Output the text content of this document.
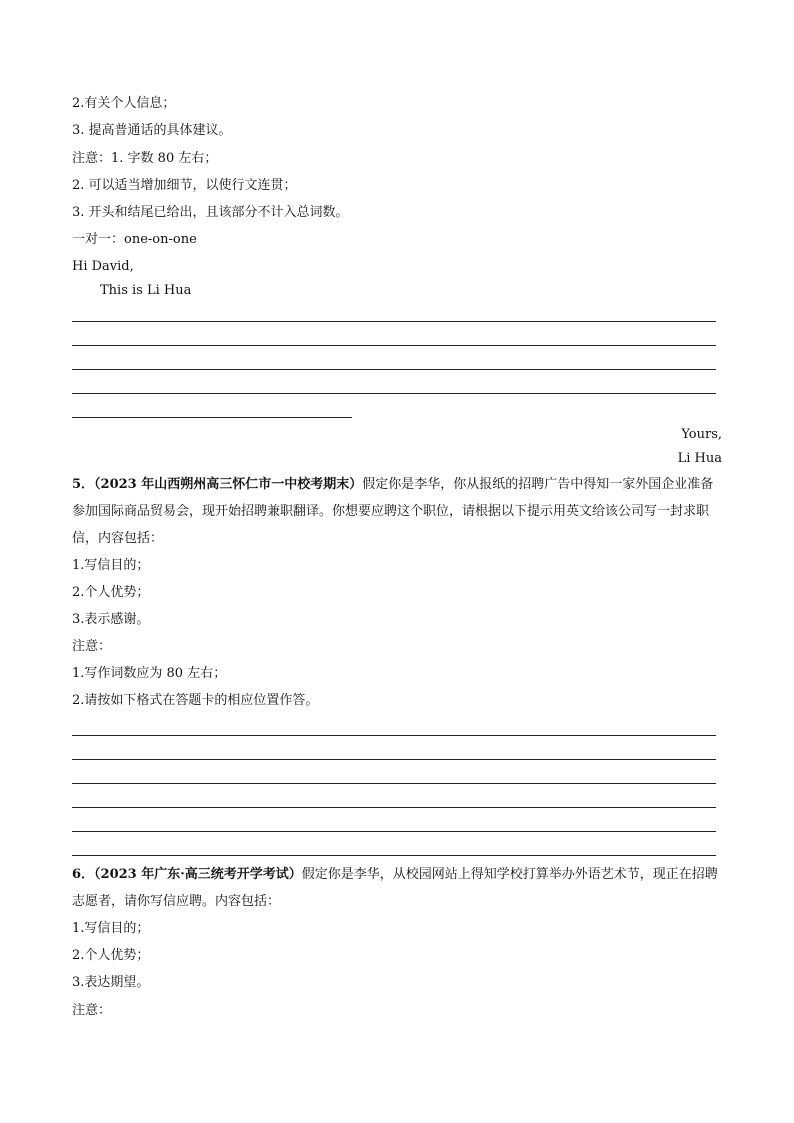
2.有关个人信息；
3. 提高普通话的具体建议。
注意：1. 字数 80 左右；
2. 可以适当增加细节，以使行文连贯；
3. 开头和结尾已给出，且该部分不计入总词数。
一对一：one-on-one
Hi David,
This is Li Hua
Yours,
Li Hua
5．（2023 年山西朔州高三怀仁市一中校考期末）假定你是李华，你从报纸的招聘广告中得知一家外国企业准备参加国际商品贸易会，现开始招聘兼职翻译。你想要应聘这个职位，请根据以下提示用英文给该公司写一封求职信，内容包括：
1.写信目的；
2.个人优势；
3.表示感谢。
注意：
1.写作词数应为 80 左右；
2.请按如下格式在答题卡的相应位置作答。
6．（2023 年广东·高三统考开学考试）假定你是李华，从校园网站上得知学校打算举办外语艺术节，现正在招聘志愿者，请你写信应聘。内容包括：
1.写信目的；
2.个人优势；
3.表达期望。
注意：
